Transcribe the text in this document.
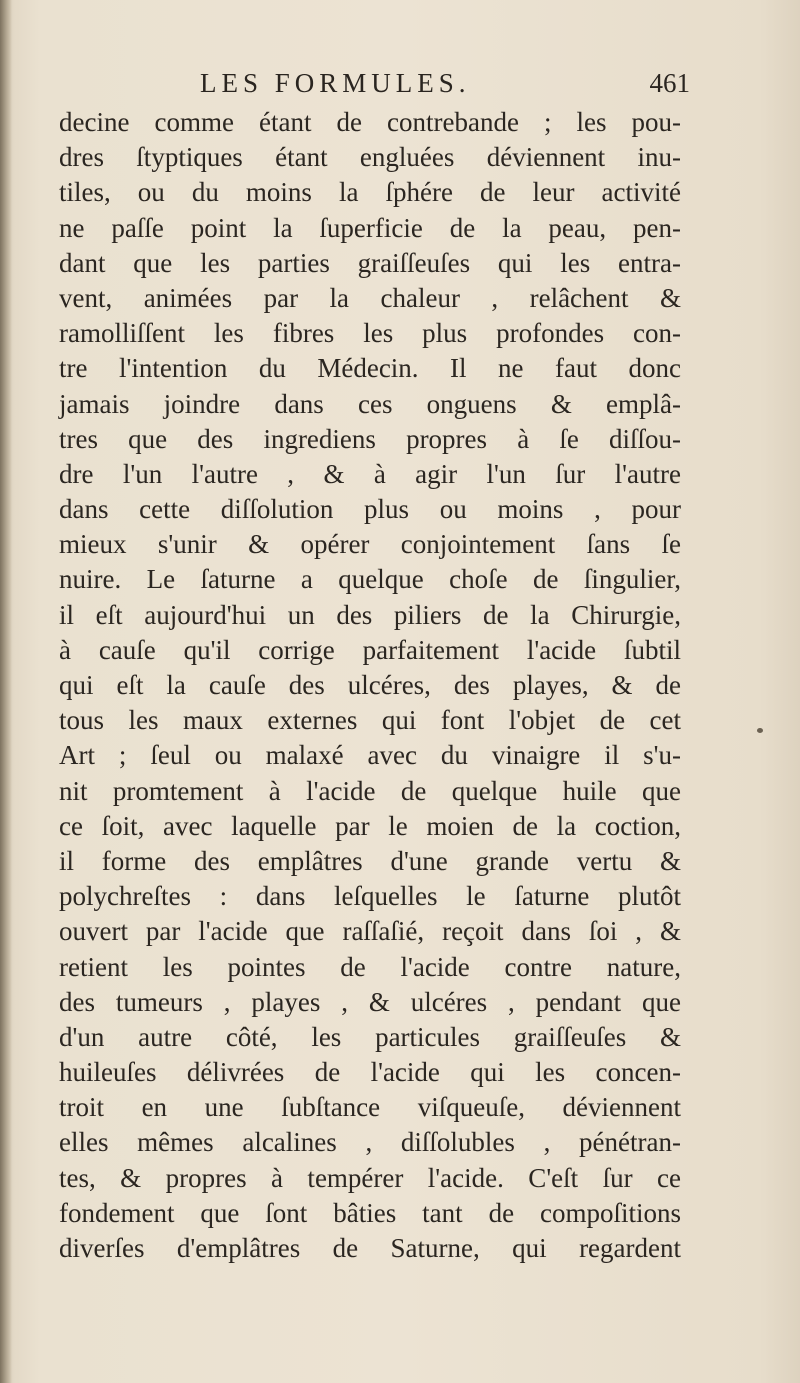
LES FORMULES.	461
decine comme étant de contrebande ; les pou-
dres ſtyptiques étant engluées déviennent inu-
tiles, ou du moins la ſphére de leur activité
ne paſſe point la ſuperficie de la peau, pen-
dant que les parties graiſſeuſes qui les entra-
vent, animées par la chaleur , relâchent &
ramolliſſent les fibres les plus profondes con-
tre l'intention du Médecin. Il ne faut donc
jamais joindre dans ces onguens & emplâ-
tres que des ingrediens propres à ſe diſſou-
dre l'un l'autre , & à agir l'un ſur l'autre
dans cette diſſolution plus ou moins , pour
mieux s'unir & opérer conjointement ſans ſe
nuire. Le ſaturne a quelque choſe de ſingulier,
il eſt aujourd'hui un des piliers de la Chirurgie,
à cauſe qu'il corrige parfaitement l'acide ſubtil
qui eſt la cauſe des ulcéres, des playes, & de
tous les maux externes qui font l'objet de cet
Art ; ſeul ou malaxé avec du vinaigre il s'u-
nit promtement à l'acide de quelque huile que
ce ſoit, avec laquelle par le moien de la coction,
il forme des emplâtres d'une grande vertu &
polychreſtes : dans leſquelles le ſaturne plutôt
ouvert par l'acide que raſſaſié, reçoit dans ſoi , &
retient les pointes de l'acide contre nature,
des tumeurs , playes , & ulcéres , pendant que
d'un autre côté, les particules graiſſeuſes &
huileuſes délivrées de l'acide qui les concen-
troit en une ſubſtance viſqueuſe, déviennent
elles mêmes alcalines , diſſolubles , pénétran-
tes, & propres à tempérer l'acide. C'eſt ſur ce
fondement que ſont bâties tant de compoſitions
diverſes d'emplâtres de Saturne, qui regardent
